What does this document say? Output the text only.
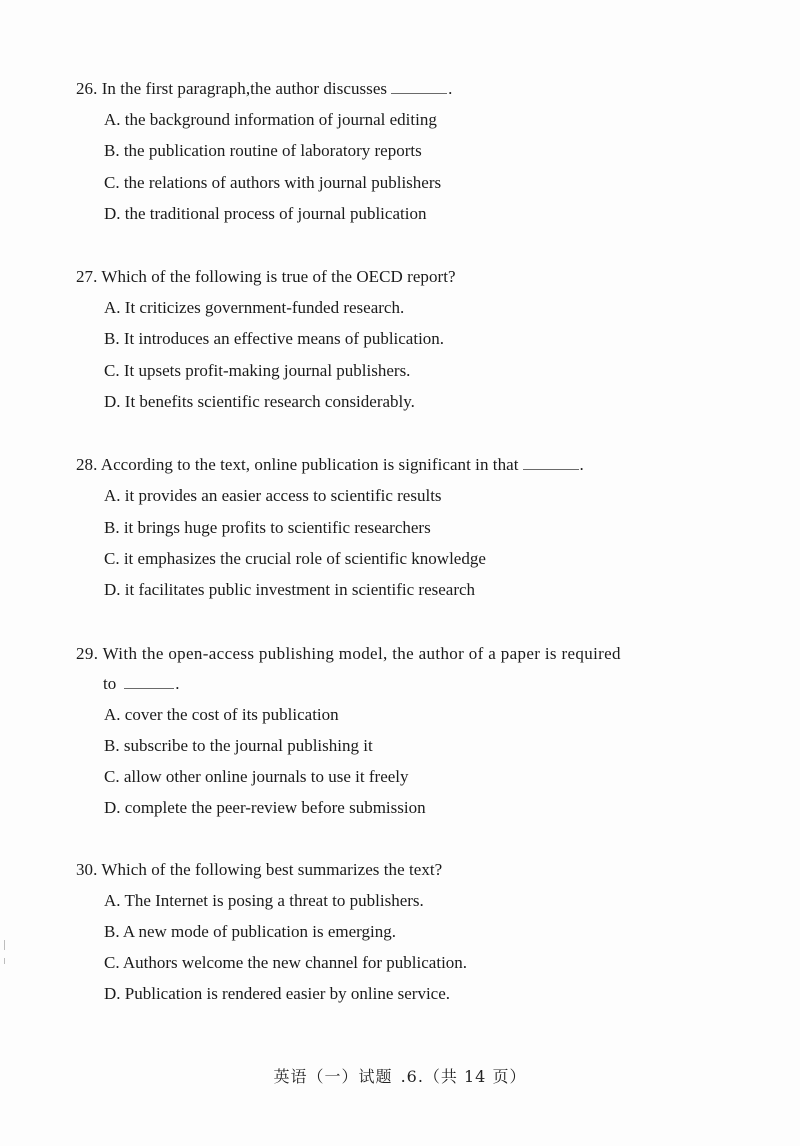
26. In the first paragraph,the author discusses	.
A. the background information of journal editing
B. the publication routine of laboratory reports
C. the relations of authors with journal publishers
D. the traditional process of journal publication
27. Which of the following is true of the OECD report?
A. It criticizes government-funded research.
B. It introduces an effective means of publication.
C. It upsets profit-making journal publishers.
D. It benefits scientific research considerably.
28. According to the text, online publication is significant in that	.
A. it provides an easier access to scientific results
B. it brings huge profits to scientific researchers
C. it emphasizes the crucial role of scientific knowledge
D. it facilitates public investment in scientific research
29. With the open-access publishing model, the author of a paper is required
to	.
A. cover the cost of its publication
B. subscribe to the journal publishing it
C. allow other online journals to use it freely
D. complete the peer-review before submission
30. Which of the following best summarizes the text?
A. The Internet is posing a threat to publishers.
B. A new mode of publication is emerging.
C. Authors welcome the new channel for publication.
D. Publication is rendered easier by online service.
英语（一）试题 .6.（共 14 页）
